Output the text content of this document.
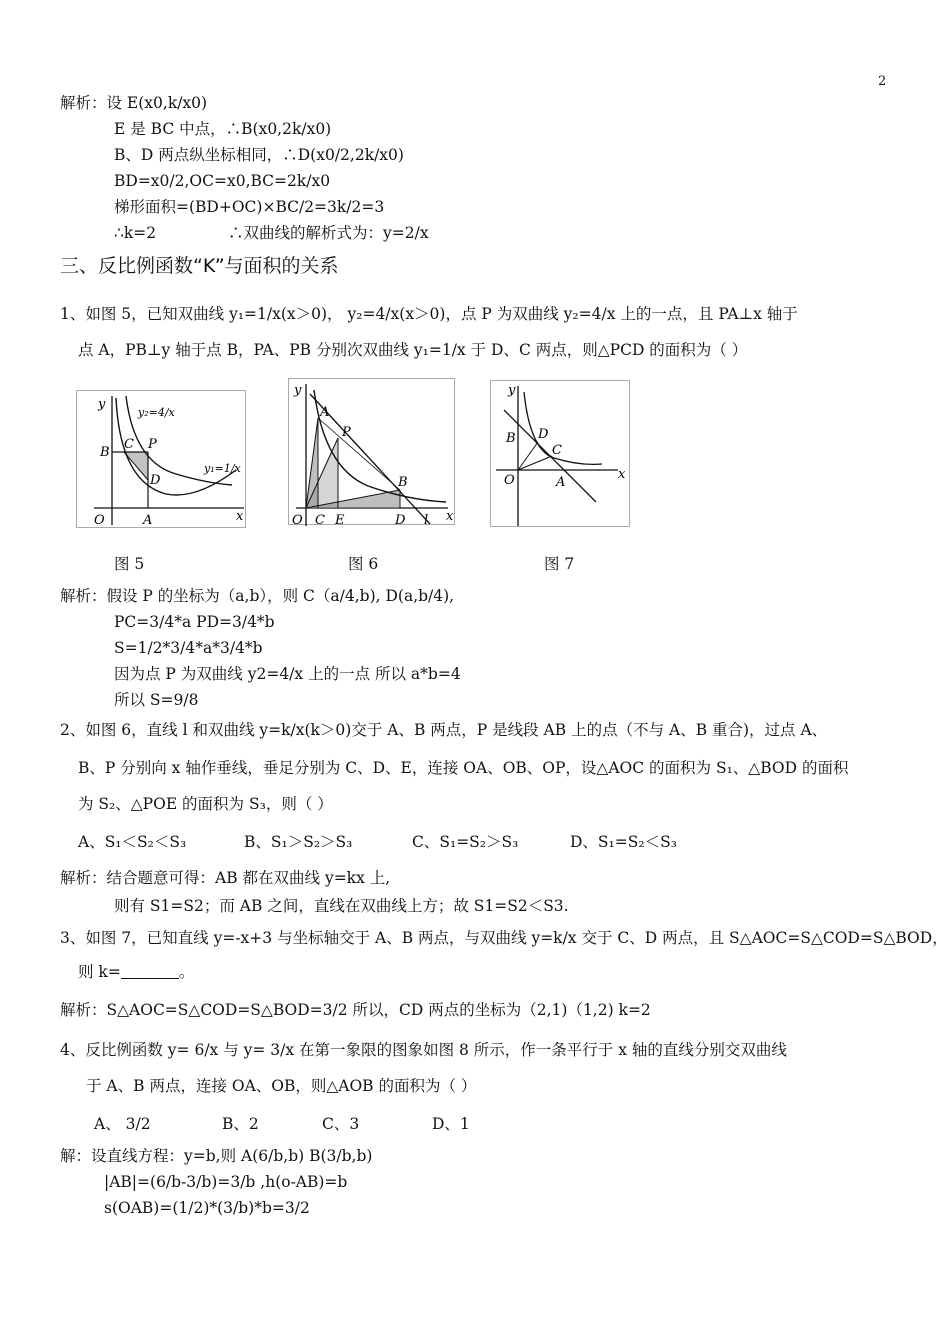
2
解析：设 E(x0,k/x0)
E 是 BC 中点，∴B(x0,2k/x0)
B、D 两点纵坐标相同，∴D(x0/2,2k/x0)
BD=x0/2,OC=x0,BC=2k/x0
梯形面积=(BD+OC)×BC/2=3k/2=3
∴k=2	∴双曲线的解析式为：y=2/x
三、反比例函数“K”与面积的关系
1、如图 5，已知双曲线 y₁=1/x(x＞0)， y₂=4/x(x＞0)，点 P 为双曲线 y₂=4/x 上的一点，且 PA⊥x 轴于
点 A，PB⊥y 轴于点 B，PA、PB 分别次双曲线 y₁=1/x 于 D、C 两点，则△PCD 的面积为（ ）
y
x
O	A
B
C P
D
y₂=4/x
y₁=1/x
y
x
O
A
P
B
C E	D l
y
x
O	A
B
C
D
图 5	图 6	图 7
解析：假设 P 的坐标为（a,b），则 C（a/4,b), D(a,b/4),
PC=3/4*a PD=3/4*b
S=1/2*3/4*a*3/4*b
因为点 P 为双曲线 y2=4/x 上的一点 所以 a*b=4
所以 S=9/8
2、如图 6，直线 l 和双曲线 y=k/x(k＞0)交于 A、B 两点，P 是线段 AB 上的点（不与 A、B 重合)，过点 A、
B、P 分别向 x 轴作垂线，垂足分别为 C、D、E，连接 OA、OB、OP，设△AOC 的面积为 S₁、△BOD 的面积
为 S₂、△POE 的面积为 S₃，则（ ）
A、S₁＜S₂＜S₃	B、S₁＞S₂＞S₃	C、S₁=S₂＞S₃	D、S₁=S₂＜S₃
解析：结合题意可得：AB 都在双曲线 y=kx 上,
则有 S1=S2；而 AB 之间，直线在双曲线上方；故 S1=S2＜S3.
3、如图 7，已知直线 y=-x+3 与坐标轴交于 A、B 两点，与双曲线 y=k/x 交于 C、D 两点，且 S△AOC=S△COD=S△BOD，
则 k=	。
解析：S△AOC=S△COD=S△BOD=3/2 所以，CD 两点的坐标为（2,1)（1,2) k=2
4、反比例函数 y= 6/x 与 y= 3/x 在第一象限的图象如图 8 所示，作一条平行于 x 轴的直线分别交双曲线
于 A、B 两点，连接 OA、OB，则△AOB 的面积为（ ）
A、 3/2	B、2	C、3	D、1
解：设直线方程：y=b,则 A(6/b,b) B(3/b,b)
|AB|=(6/b-3/b)=3/b ,h(o-AB)=b
s(OAB)=(1/2)*(3/b)*b=3/2
